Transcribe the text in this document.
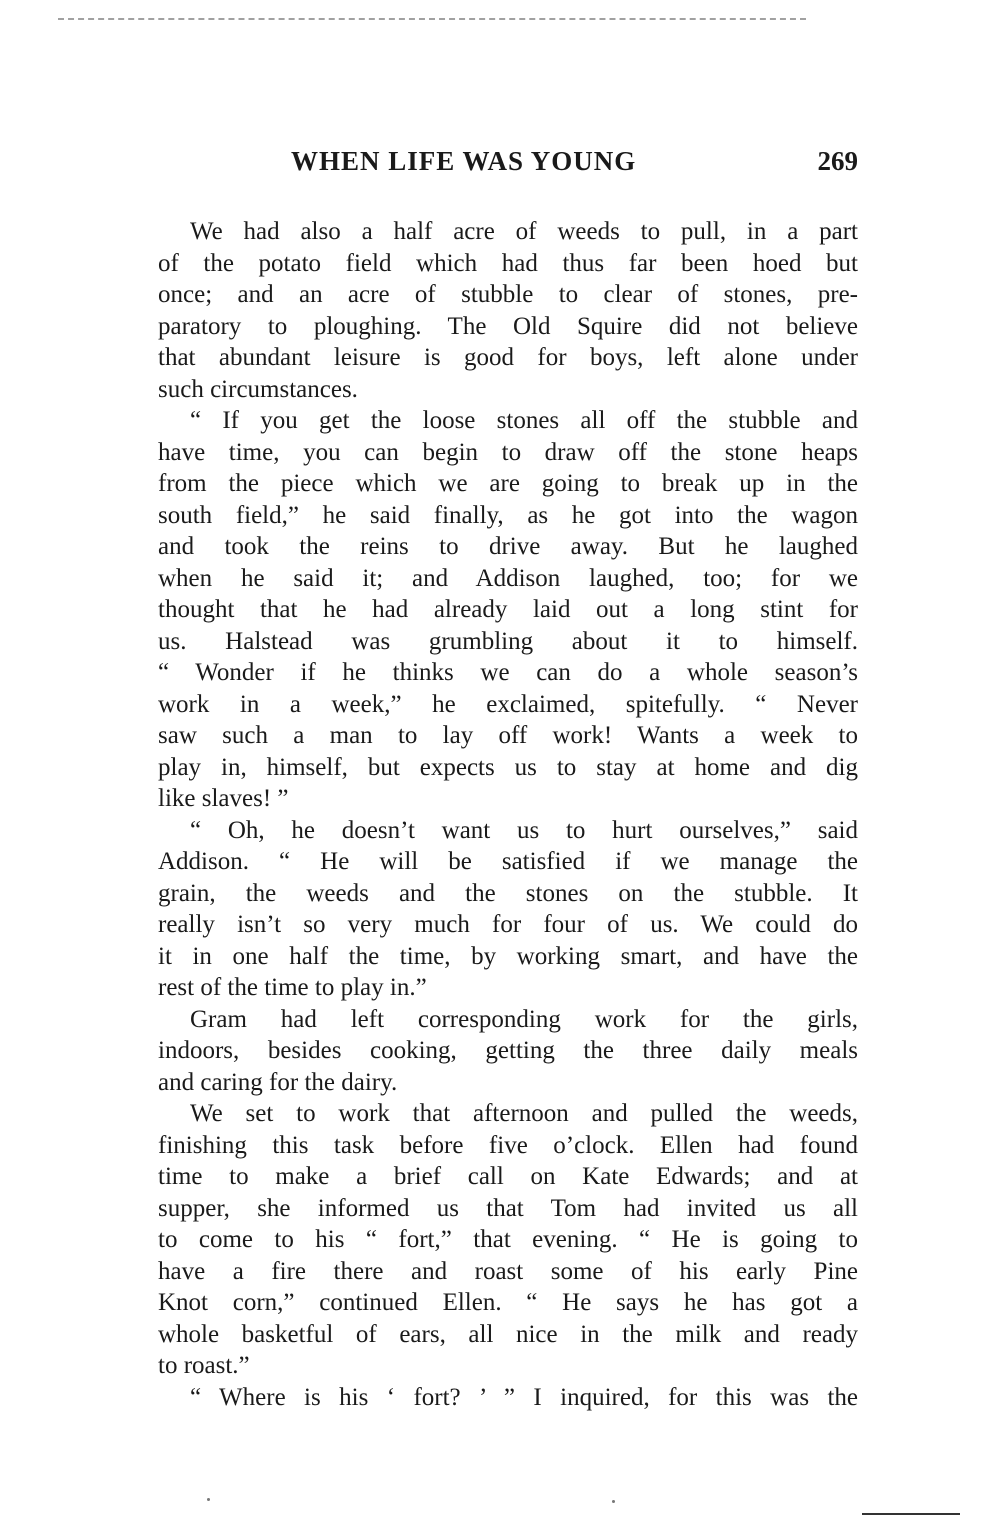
WHEN LIFE WAS YOUNG	269
We had also a half acre of weeds to pull, in a part
of the potato field which had thus far been hoed but
once; and an acre of stubble to clear of stones, pre-
paratory to ploughing. The Old Squire did not believe
that abundant leisure is good for boys, left alone under
such circumstances.
“ If you get the loose stones all off the stubble and
have time, you can begin to draw off the stone heaps
from the piece which we are going to break up in the
south field,” he said finally, as he got into the wagon
and took the reins to drive away. But he laughed
when he said it; and Addison laughed, too; for we
thought that he had already laid out a long stint for
us. Halstead was grumbling about it to himself.
“ Wonder if he thinks we can do a whole season’s
work in a week,” he exclaimed, spitefully. “ Never
saw such a man to lay off work! Wants a week to
play in, himself, but expects us to stay at home and dig
like slaves! ”
“ Oh, he doesn’t want us to hurt ourselves,” said
Addison. “ He will be satisfied if we manage the
grain, the weeds and the stones on the stubble. It
really isn’t so very much for four of us. We could do
it in one half the time, by working smart, and have the
rest of the time to play in.”
Gram had left corresponding work for the girls,
indoors, besides cooking, getting the three daily meals
and caring for the dairy.
We set to work that afternoon and pulled the weeds,
finishing this task before five o’clock. Ellen had found
time to make a brief call on Kate Edwards; and at
supper, she informed us that Tom had invited us all
to come to his “ fort,” that evening. “ He is going to
have a fire there and roast some of his early Pine
Knot corn,” continued Ellen. “ He says he has got a
whole basketful of ears, all nice in the milk and ready
to roast.”
“ Where is his ‘ fort? ’ ” I inquired, for this was the
